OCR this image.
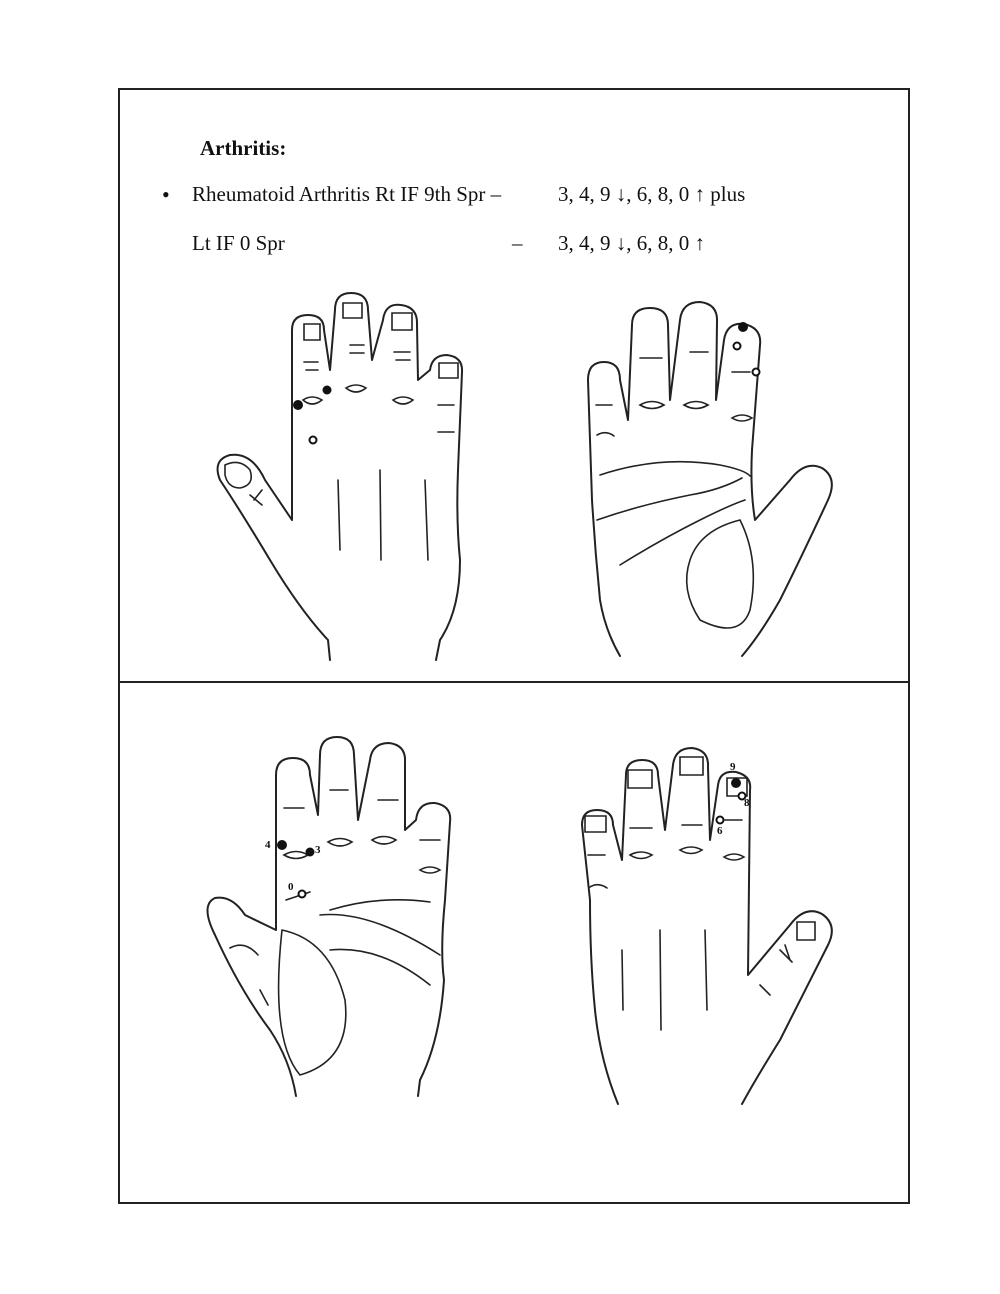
Arthritis:
• Rheumatoid Arthritis Rt IF 9th Spr –	3, 4, 9 ↓, 6, 8, 0 ↑ plus
Lt IF 0 Spr	– 3, 4, 9 ↓, 6, 8, 0 ↑
4	3
0
9
8
6
